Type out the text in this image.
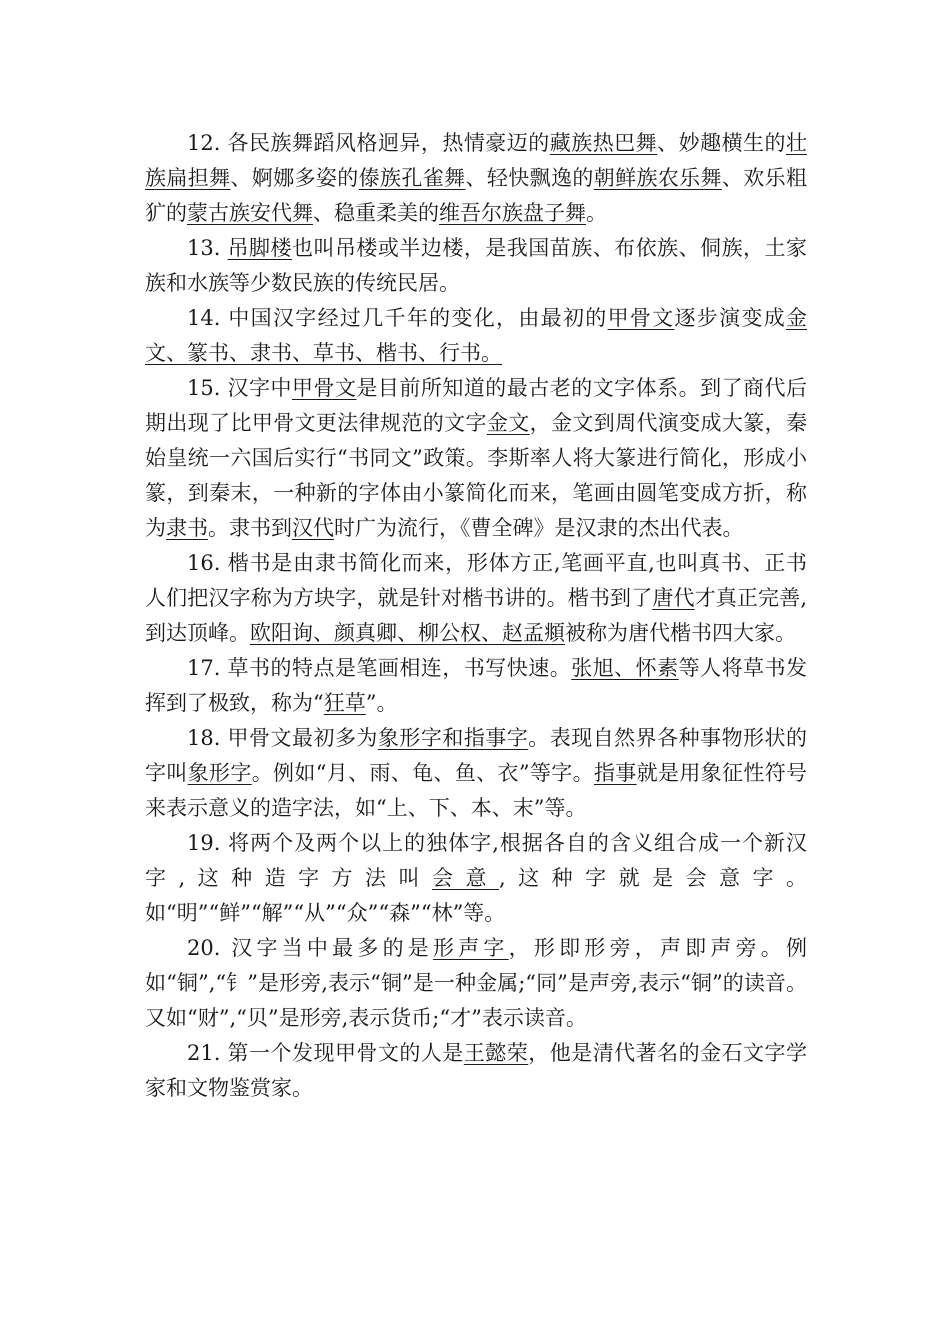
12. 各民族舞蹈风格迥异，热情豪迈的藏族热巴舞、妙趣横生的壮族扁担舞、婀娜多姿的傣族孔雀舞、轻快飘逸的朝鲜族农乐舞、欢乐粗犷的蒙古族安代舞、稳重柔美的维吾尔族盘子舞。

13. 吊脚楼也叫吊楼或半边楼，是我国苗族、布依族、侗族，土家族和水族等少数民族的传统民居。

14. 中国汉字经过几千年的变化，由最初的甲骨文逐步演变成金文、篆书、隶书、草书、楷书、行书。

15. 汉字中甲骨文是目前所知道的最古老的文字体系。到了商代后期出现了比甲骨文更法律规范的文字金文，金文到周代演变成大篆，秦始皇统一六国后实行“书同文”政策。李斯率人将大篆进行简化，形成小篆，到秦末，一种新的字体由小篆简化而来，笔画由圆笔变成方折，称为隶书。隶书到汉代时广为流行，《曹全碑》是汉隶的杰出代表。

16. 楷书是由隶书简化而来，形体方正,笔画平直,也叫真书、正书人们把汉字称为方块字，就是针对楷书讲的。楷书到了唐代才真正完善,到达顶峰。欧阳询、颜真卿、柳公权、赵孟頫被称为唐代楷书四大家。

17. 草书的特点是笔画相连，书写快速。张旭、怀素等人将草书发挥到了极致，称为“狂草”。

18. 甲骨文最初多为象形字和指事字。表现自然界各种事物形状的字叫象形字。例如“月、雨、龟、鱼、衣”等字。指事就是用象征性符号来表示意义的造字法，如“上、下、本、末”等。

19. 将两个及两个以上的独体字,根据各自的含义组合成一个新汉字,这种造字方法叫会意,这种字就是会意字。如“明”“鲜”“解”“从”“众”“森”“林”等。

20. 汉字当中最多的是形声字，形即形旁，声即声旁。例如“铜”,“钅”是形旁,表示“铜”是一种金属;“同”是声旁,表示“铜”的读音。又如“财”,“贝”是形旁,表示货币;“才”表示读音。

21. 第一个发现甲骨文的人是王懿荣，他是清代著名的金石文字学家和文物鉴赏家。
